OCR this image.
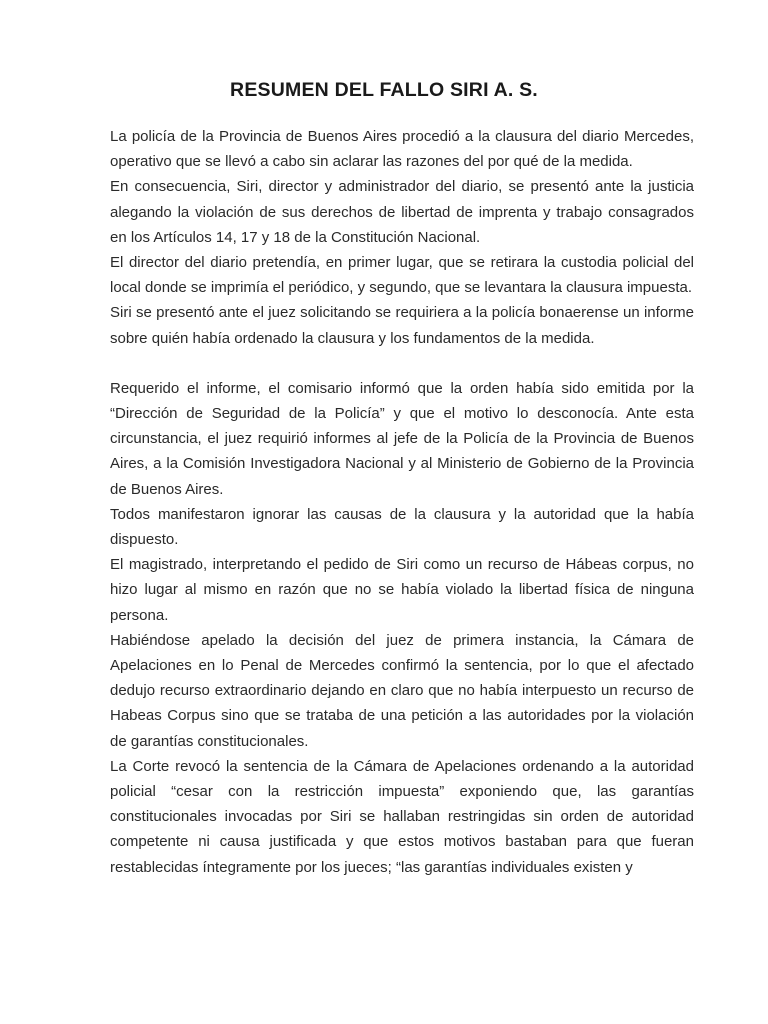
RESUMEN DEL FALLO SIRI A. S.

La policía de la Provincia de Buenos Aires procedió a la clausura del diario Mercedes, operativo que se llevó a cabo sin aclarar las razones del por qué de la medida.

En consecuencia, Siri, director y administrador del diario, se presentó ante la justicia alegando la violación de sus derechos de libertad de imprenta y trabajo consagrados en los Artículos 14, 17 y 18 de la Constitución Nacional.

El director del diario pretendía, en primer lugar, que se retirara la custodia policial del local donde se imprimía el periódico, y segundo, que se levantara la clausura impuesta.

Siri se presentó ante el juez solicitando se requiriera a la policía bonaerense un informe sobre quién había ordenado la clausura y los fundamentos de la medida.

Requerido el informe, el comisario informó que la orden había sido emitida por la “Dirección de Seguridad de la Policía” y que el motivo lo desconocía. Ante esta circunstancia, el juez requirió informes al jefe de la Policía de la Provincia de Buenos Aires, a la Comisión Investigadora Nacional y al Ministerio de Gobierno de la Provincia de Buenos Aires.

Todos manifestaron ignorar las causas de la clausura y la autoridad que la había dispuesto.

El magistrado, interpretando el pedido de Siri como un recurso de Hábeas corpus, no hizo lugar al mismo en razón que no se había violado la libertad física de ninguna persona.

Habiéndose apelado la decisión del juez de primera instancia, la Cámara de Apelaciones en lo Penal de Mercedes confirmó la sentencia, por lo que el afectado dedujo recurso extraordinario dejando en claro que no había interpuesto un recurso de Habeas Corpus sino que se trataba de una petición a las autoridades por la violación de garantías constitucionales.

La Corte revocó la sentencia de la Cámara de Apelaciones ordenando a la autoridad policial “cesar con la restricción impuesta” exponiendo que, las garantías constitucionales invocadas por Siri se hallaban restringidas sin orden de autoridad competente ni causa justificada y que estos motivos bastaban para que fueran restablecidas íntegramente por los jueces; “las garantías individuales existen y
